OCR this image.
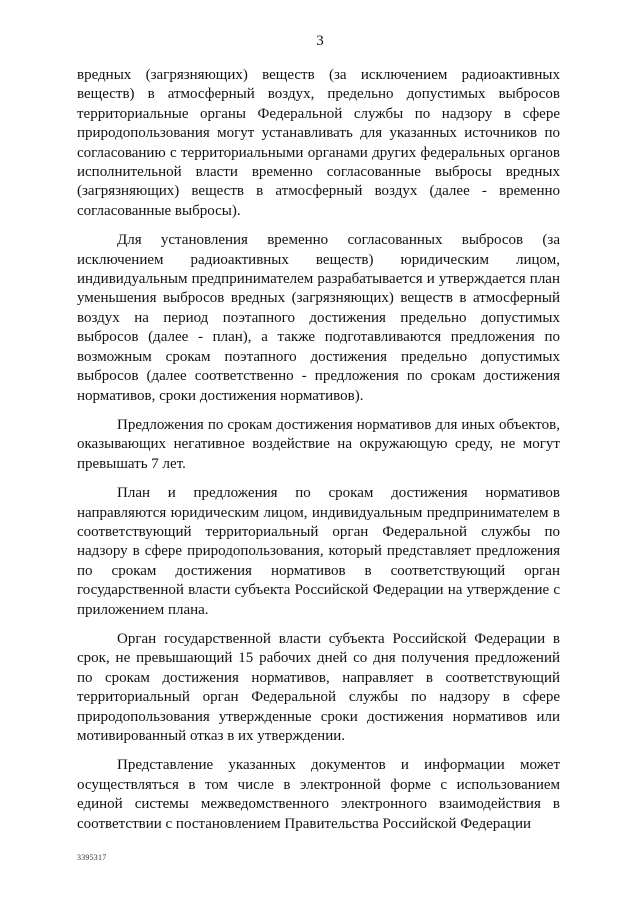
3

вредных (загрязняющих) веществ (за исключением радиоактивных веществ) в атмосферный воздух, предельно допустимых выбросов территориальные органы Федеральной службы по надзору в сфере природопользования могут устанавливать для указанных источников по согласованию с территориальными органами других федеральных органов исполнительной власти временно согласованные выбросы вредных (загрязняющих) веществ в атмосферный воздух (далее - временно согласованные выбросы).

Для установления временно согласованных выбросов (за исключением радиоактивных веществ) юридическим лицом, индивидуальным предпринимателем разрабатывается и утверждается план уменьшения выбросов вредных (загрязняющих) веществ в атмосферный воздух на период поэтапного достижения предельно допустимых выбросов (далее - план), а также подготавливаются предложения по возможным срокам поэтапного достижения предельно допустимых выбросов (далее соответственно - предложения по срокам достижения нормативов, сроки достижения нормативов).

Предложения по срокам достижения нормативов для иных объектов, оказывающих негативное воздействие на окружающую среду, не могут превышать 7 лет.

План и предложения по срокам достижения нормативов направляются юридическим лицом, индивидуальным предпринимателем в соответствующий территориальный орган Федеральной службы по надзору в сфере природопользования, который представляет предложения по срокам достижения нормативов в соответствующий орган государственной власти субъекта Российской Федерации на утверждение с приложением плана.

Орган государственной власти субъекта Российской Федерации в срок, не превышающий 15 рабочих дней со дня получения предложений по срокам достижения нормативов, направляет в соответствующий территориальный орган Федеральной службы по надзору в сфере природопользования утвержденные сроки достижения нормативов или мотивированный отказ в их утверждении.

Представление указанных документов и информации может осуществляться в том числе в электронной форме с использованием единой системы межведомственного электронного взаимодействия в соответствии с постановлением Правительства Российской Федерации

3395317
